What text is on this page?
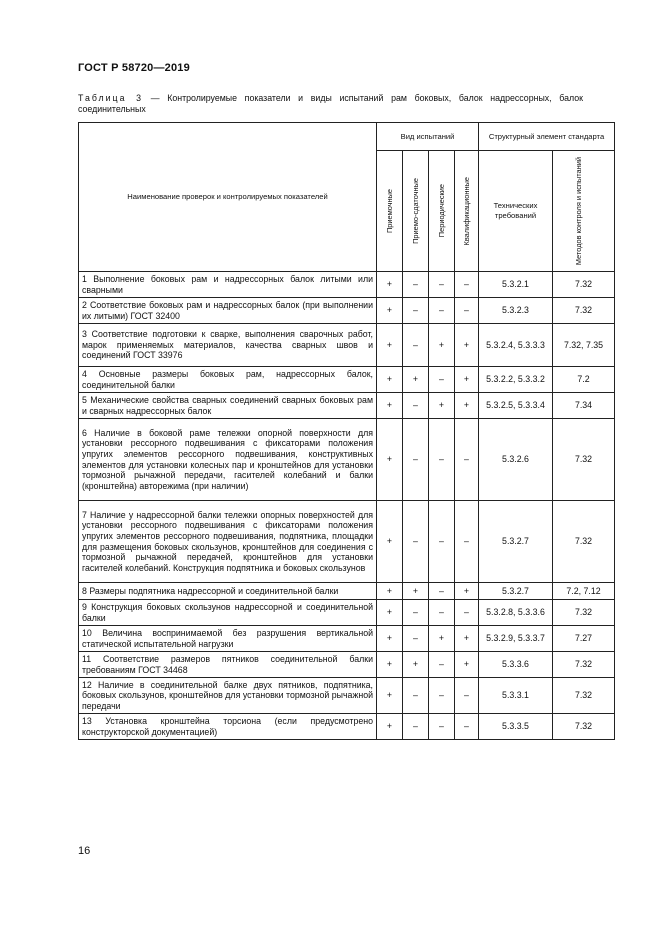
ГОСТ Р 58720—2019
Таблица 3 — Контролируемые показатели и виды испытаний рам боковых, балок надрессорных, балок соединительных
Наименование проверок и контролируемых показателей	Вид испытаний				Структурный элемент стандарта	

	Приемочные	Приемо-сдаточные	Периодические	Квалификационные	Технических требований	Методов контроля и испытаний

1 Выполнение боковых рам и надрессорных балок литыми или сварными	+	–	–	–	5.3.2.1	7.32
2 Соответствие боковых рам и надрессорных балок (при выполнении их литыми) ГОСТ 32400	+	–	–	–	5.3.2.3	7.32
3 Соответствие подготовки к сварке, выполнения сварочных работ, марок применяемых материалов, качества сварных швов и соединений ГОСТ 33976	+	–	+	+	5.3.2.4, 5.3.3.3	7.32, 7.35
4 Основные размеры боковых рам, надрессорных балок, соединительной балки	+	+	–	+	5.3.2.2, 5.3.3.2	7.2
5 Механические свойства сварных соединений сварных боковых рам и сварных надрессорных балок	+	–	+	+	5.3.2.5, 5.3.3.4	7.34
6 Наличие в боковой раме тележки опорной поверхности для установки рессорного подвешивания с фиксаторами положения упругих элементов рессорного подвешивания, конструктивных элементов для установки колесных пар и кронштейнов для установки тормозной рычажной передачи, гасителей колебаний и балки (кронштейна) авторежима (при наличии)	+	–	–	–	5.3.2.6	7.32
7 Наличие у надрессорной балки тележки опорных поверхностей для установки рессорного подвешивания с фиксаторами положения упругих элементов рессорного подвешивания, подпятника, площадки для размещения боковых скользунов, кронштейнов для соединения с тормозной рычажной передачей, кронштейнов для установки гасителей колебаний. Конструкция подпятника и боковых скользунов	+	–	–	–	5.3.2.7	7.32
8 Размеры подпятника надрессорной и соединительной балки	+	+	–	+	5.3.2.7	7.2, 7.12
9 Конструкция боковых скользунов надрессорной и соединительной балки	+	–	–	–	5.3.2.8, 5.3.3.6	7.32
10 Величина воспринимаемой без разрушения вертикальной статической испытательной нагрузки	+	–	+	+	5.3.2.9, 5.3.3.7	7.27
11 Соответствие размеров пятников соединительной балки требованиям ГОСТ 34468	+	+	–	+	5.3.3.6	7.32
12 Наличие в соединительной балке двух пятников, подпятника, боковых скользунов, кронштейнов для установки тормозной рычажной передачи	+	–	–	–	5.3.3.1	7.32
13 Установка кронштейна торсиона (если предусмотрено конструкторской документацией)	+	–	–	–	5.3.3.5	7.32
16
